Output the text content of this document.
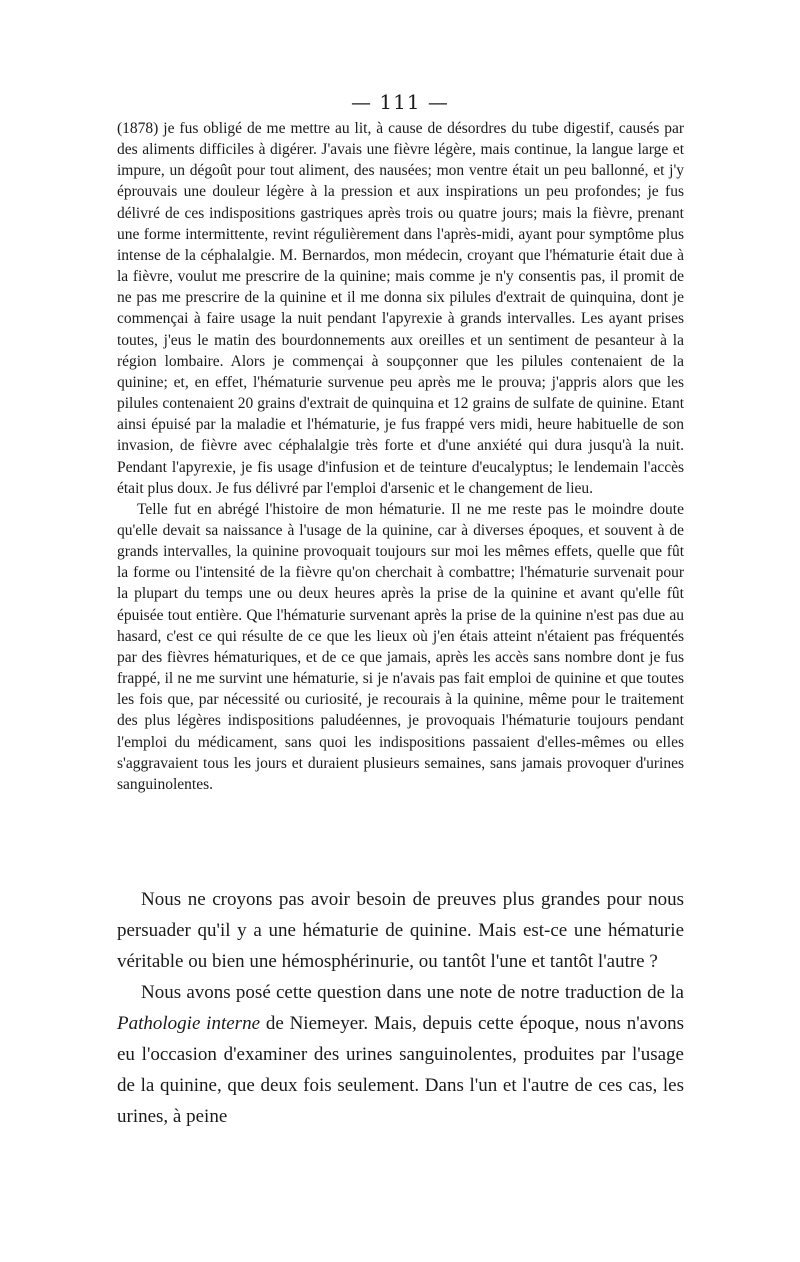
— 111 —

(1878) je fus obligé de me mettre au lit, à cause de désordres du tube digestif, causés par des aliments difficiles à digérer. J'avais une fièvre légère, mais continue, la langue large et impure, un dégoût pour tout aliment, des nausées; mon ventre était un peu ballonné, et j'y éprouvais une douleur légère à la pression et aux inspirations un peu profondes; je fus délivré de ces indispositions gastriques après trois ou quatre jours; mais la fièvre, prenant une forme intermittente, revint régulièrement dans l'après-midi, ayant pour symptôme plus intense de la céphalalgie. M. Bernardos, mon médecin, croyant que l'hématurie était due à la fièvre, voulut me prescrire de la quinine; mais comme je n'y consentis pas, il promit de ne pas me prescrire de la quinine et il me donna six pilules d'extrait de quinquina, dont je commençai à faire usage la nuit pendant l'apyrexie à grands intervalles. Les ayant prises toutes, j'eus le matin des bourdonnements aux oreilles et un sentiment de pesanteur à la région lombaire. Alors je commençai à soupçonner que les pilules contenaient de la quinine; et, en effet, l'hématurie survenue peu après me le prouva; j'appris alors que les pilules contenaient 20 grains d'extrait de quinquina et 12 grains de sulfate de quinine. Etant ainsi épuisé par la maladie et l'hématurie, je fus frappé vers midi, heure habituelle de son invasion, de fièvre avec céphalalgie très forte et d'une anxiété qui dura jusqu'à la nuit. Pendant l'apyrexie, je fis usage d'infusion et de teinture d'eucalyptus; le lendemain l'accès était plus doux. Je fus délivré par l'emploi d'arsenic et le changement de lieu.

Telle fut en abrégé l'histoire de mon hématurie. Il ne me reste pas le moindre doute qu'elle devait sa naissance à l'usage de la quinine, car à diverses époques, et souvent à de grands intervalles, la quinine provoquait toujours sur moi les mêmes effets, quelle que fût la forme ou l'intensité de la fièvre qu'on cherchait à combattre; l'hématurie survenait pour la plupart du temps une ou deux heures après la prise de la quinine et avant qu'elle fût épuisée tout entière. Que l'hématurie survenant après la prise de la quinine n'est pas due au hasard, c'est ce qui résulte de ce que les lieux où j'en étais atteint n'étaient pas fréquentés par des fièvres hématuriques, et de ce que jamais, après les accès sans nombre dont je fus frappé, il ne me survint une hématurie, si je n'avais pas fait emploi de quinine et que toutes les fois que, par nécessité ou curiosité, je recourais à la quinine, même pour le traitement des plus légères indispositions paludéennes, je provoquais l'hématurie toujours pendant l'emploi du médicament, sans quoi les indispositions passaient d'elles-mêmes ou elles s'aggravaient tous les jours et duraient plusieurs semaines, sans jamais provoquer d'urines sanguinolentes.

Nous ne croyons pas avoir besoin de preuves plus grandes pour nous persuader qu'il y a une hématurie de quinine. Mais est-ce une hématurie véritable ou bien une hémosphérinurie, ou tantôt l'une et tantôt l'autre ?

Nous avons posé cette question dans une note de notre traduction de la Pathologie interne de Niemeyer. Mais, depuis cette époque, nous n'avons eu l'occasion d'examiner des urines sanguinolentes, produites par l'usage de la quinine, que deux fois seulement. Dans l'un et l'autre de ces cas, les urines, à peine
